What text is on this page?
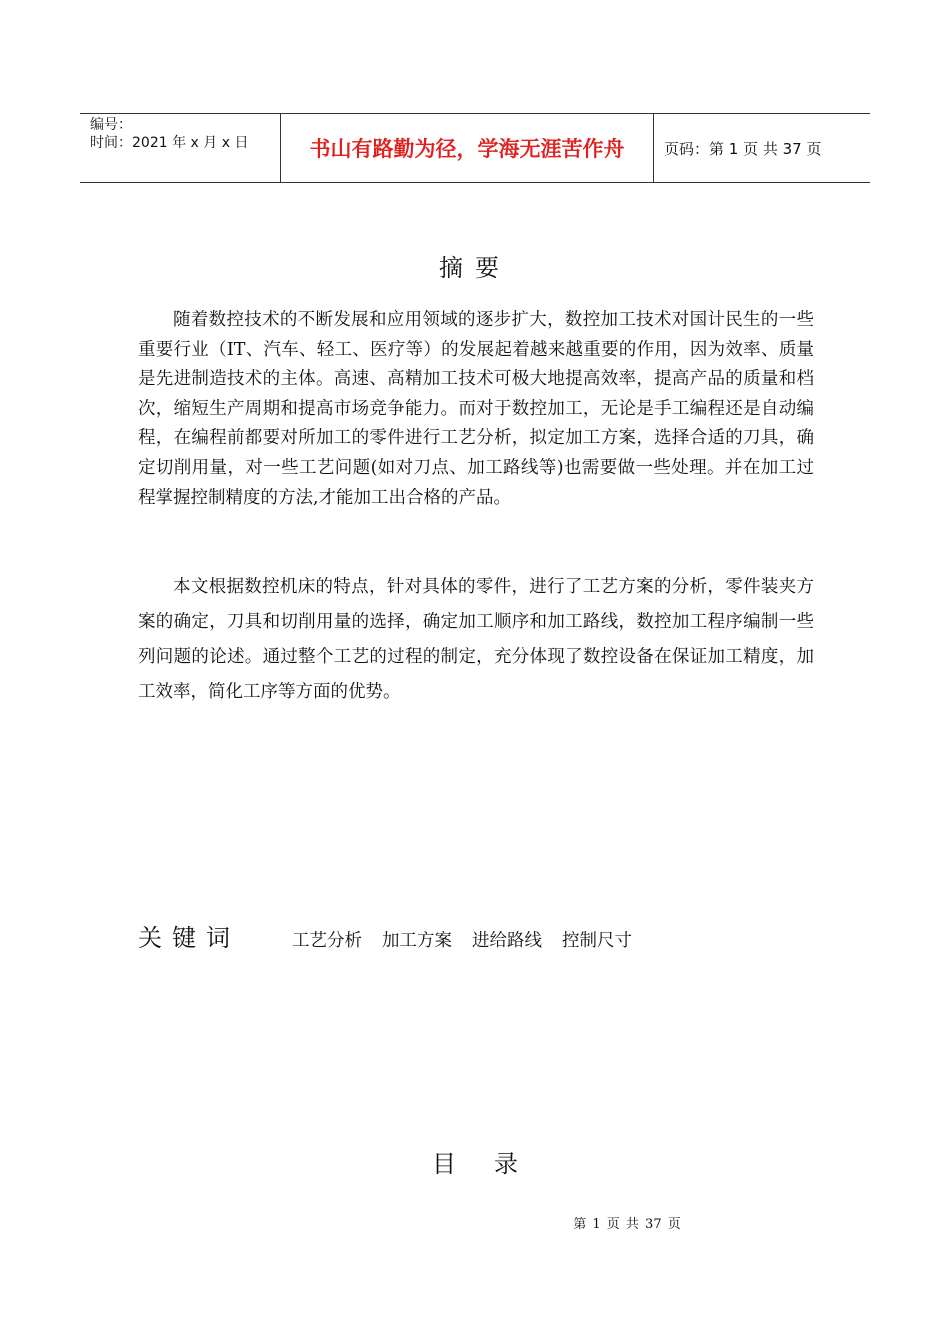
编号：
时间：2021 年 x 月 x 日	书山有路勤为径，学海无涯苦作舟	页码：第 1 页 共 37 页
摘要

随着数控技术的不断发展和应用领域的逐步扩大，数控加工技术对国计民生的一些重要行业（IT、汽车、轻工、医疗等）的发展起着越来越重要的作用，因为效率、质量是先进制造技术的主体。高速、高精加工技术可极大地提高效率，提高产品的质量和档次，缩短生产周期和提高市场竞争能力。而对于数控加工，无论是手工编程还是自动编程，在编程前都要对所加工的零件进行工艺分析，拟定加工方案，选择合适的刀具，确定切削用量，对一些工艺问题(如对刀点、加工路线等)也需要做一些处理。并在加工过程掌握控制精度的方法,才能加工出合格的产品。

本文根据数控机床的特点，针对具体的零件，进行了工艺方案的分析，零件装夹方案的确定，刀具和切削用量的选择，确定加工顺序和加工路线，数控加工程序编制一些列问题的论述。通过整个工艺的过程的制定，充分体现了数控设备在保证加工精度，加工效率，简化工序等方面的优势。

关键词	工艺分析 加工方案 进给路线 控制尺寸
目录
第 1 页 共 37 页
